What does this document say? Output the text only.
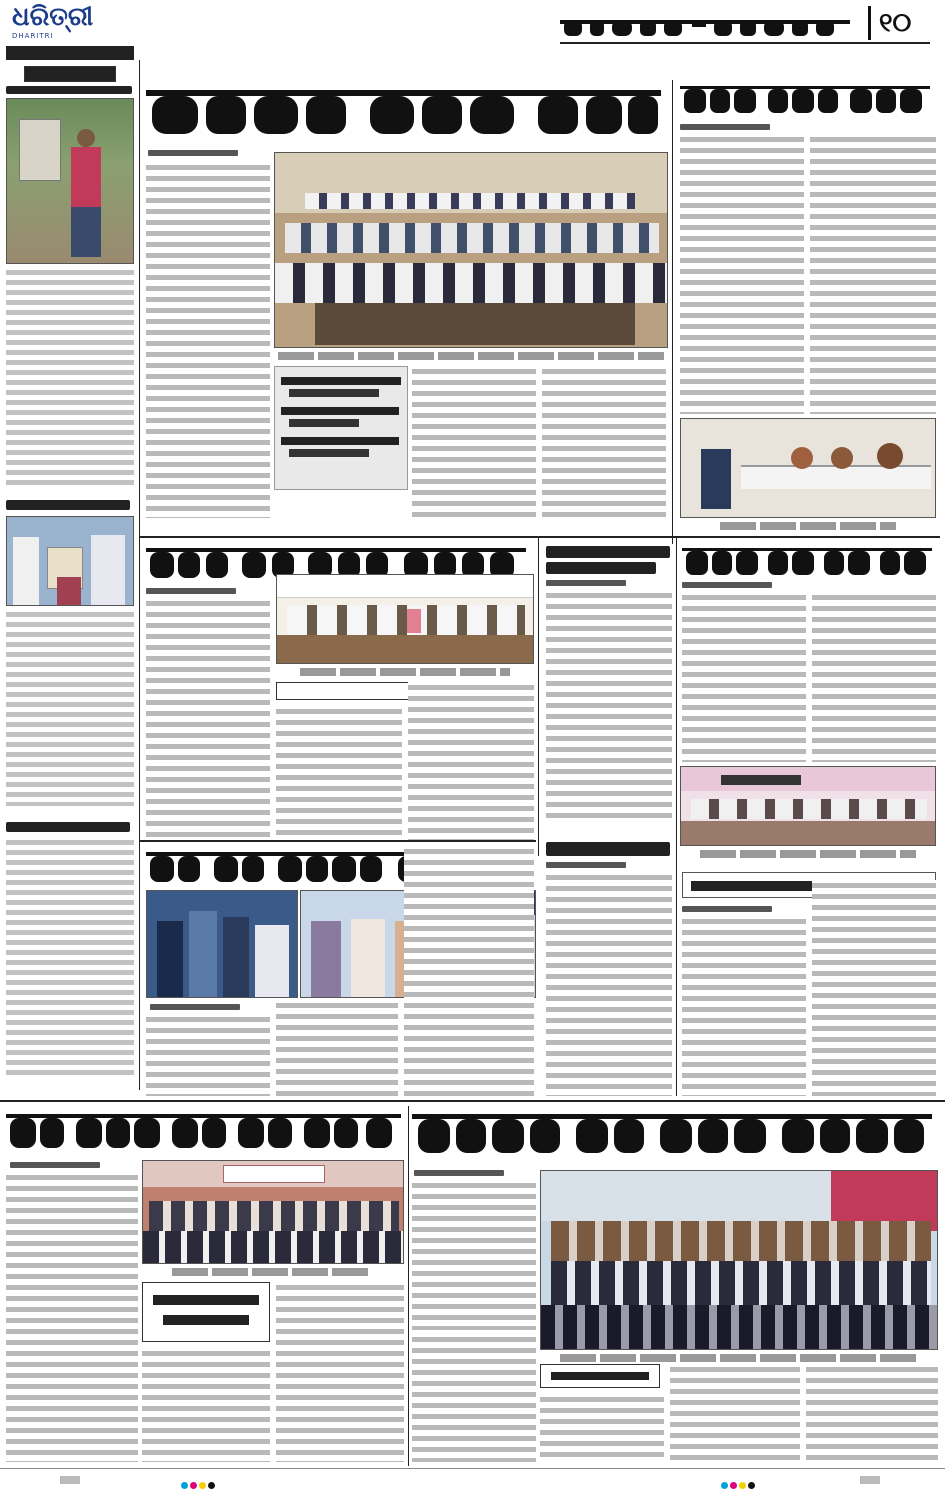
ଧରିତ୍ରୀ
DHARITRI	୧୦
